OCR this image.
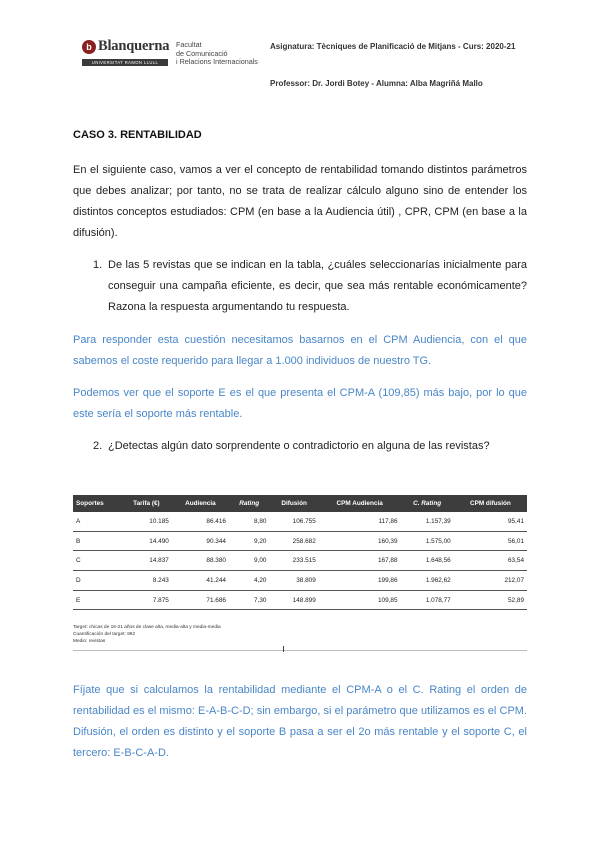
b Blanquerna
UNIVERSITAT RAMON LLULL
Facultat
de Comunicació
i Relacions Internacionals
Asignatura: Tècniques de Planificació de Mitjans - Curs: 2020-21
Professor: Dr. Jordi Botey - Alumna: Alba Magriñá Mallo
CASO 3. RENTABILIDAD
En el siguiente caso, vamos a ver el concepto de rentabilidad tomando distintos parámetros que debes analizar; por tanto, no se trata de realizar cálculo alguno sino de entender los distintos conceptos estudiados: CPM (en base a la Audiencia útil) , CPR, CPM (en base a la difusión).
1. De las 5 revistas que se indican en la tabla, ¿cuáles seleccionarías inicialmente para conseguir una campaña eficiente, es decir, que sea más rentable económicamente? Razona la respuesta argumentando tu respuesta.
Para responder esta cuestión necesitamos basarnos en el CPM Audiencia, con el que sabemos el coste requerido para llegar a 1.000 individuos de nuestro TG.
Podemos ver que el soporte E es el que presenta el CPM-A (109,85) más bajo, por lo que este sería el soporte más rentable.
2. ¿Detectas algún dato sorprendente o contradictorio en alguna de las revistas?
Soportes	Tarifa (€)	Audiencia	Rating	Difusión	CPM Audiencia	C. Rating	CPM difusión
A	10.185	86.416	8,80	106.755	117,86	1.157,39	95,41
B	14.490	90.344	9,20	258.682	160,39	1.575,00	56,01
C	14.837	88.380	9,00	233.515	167,88	1.648,56	63,54
D	8.243	41.244	4,20	38.809	199,86	1.962,62	212,07
E	7.875	71.686	7,30	148.899	109,85	1.078,77	52,89
Target: chicas de 16-21 años de clase alta, media-alta y media-media
Cuantificación del target: 982
Medio: revistas
Fíjate que si calculamos la rentabilidad mediante el CPM-A o el C. Rating el orden de rentabilidad es el mismo: E-A-B-C-D; sin embargo, si el parámetro que utilizamos es el CPM. Difusión, el orden es distinto y el soporte B pasa a ser el 2o más rentable y el soporte C, el tercero: E-B-C-A-D.
